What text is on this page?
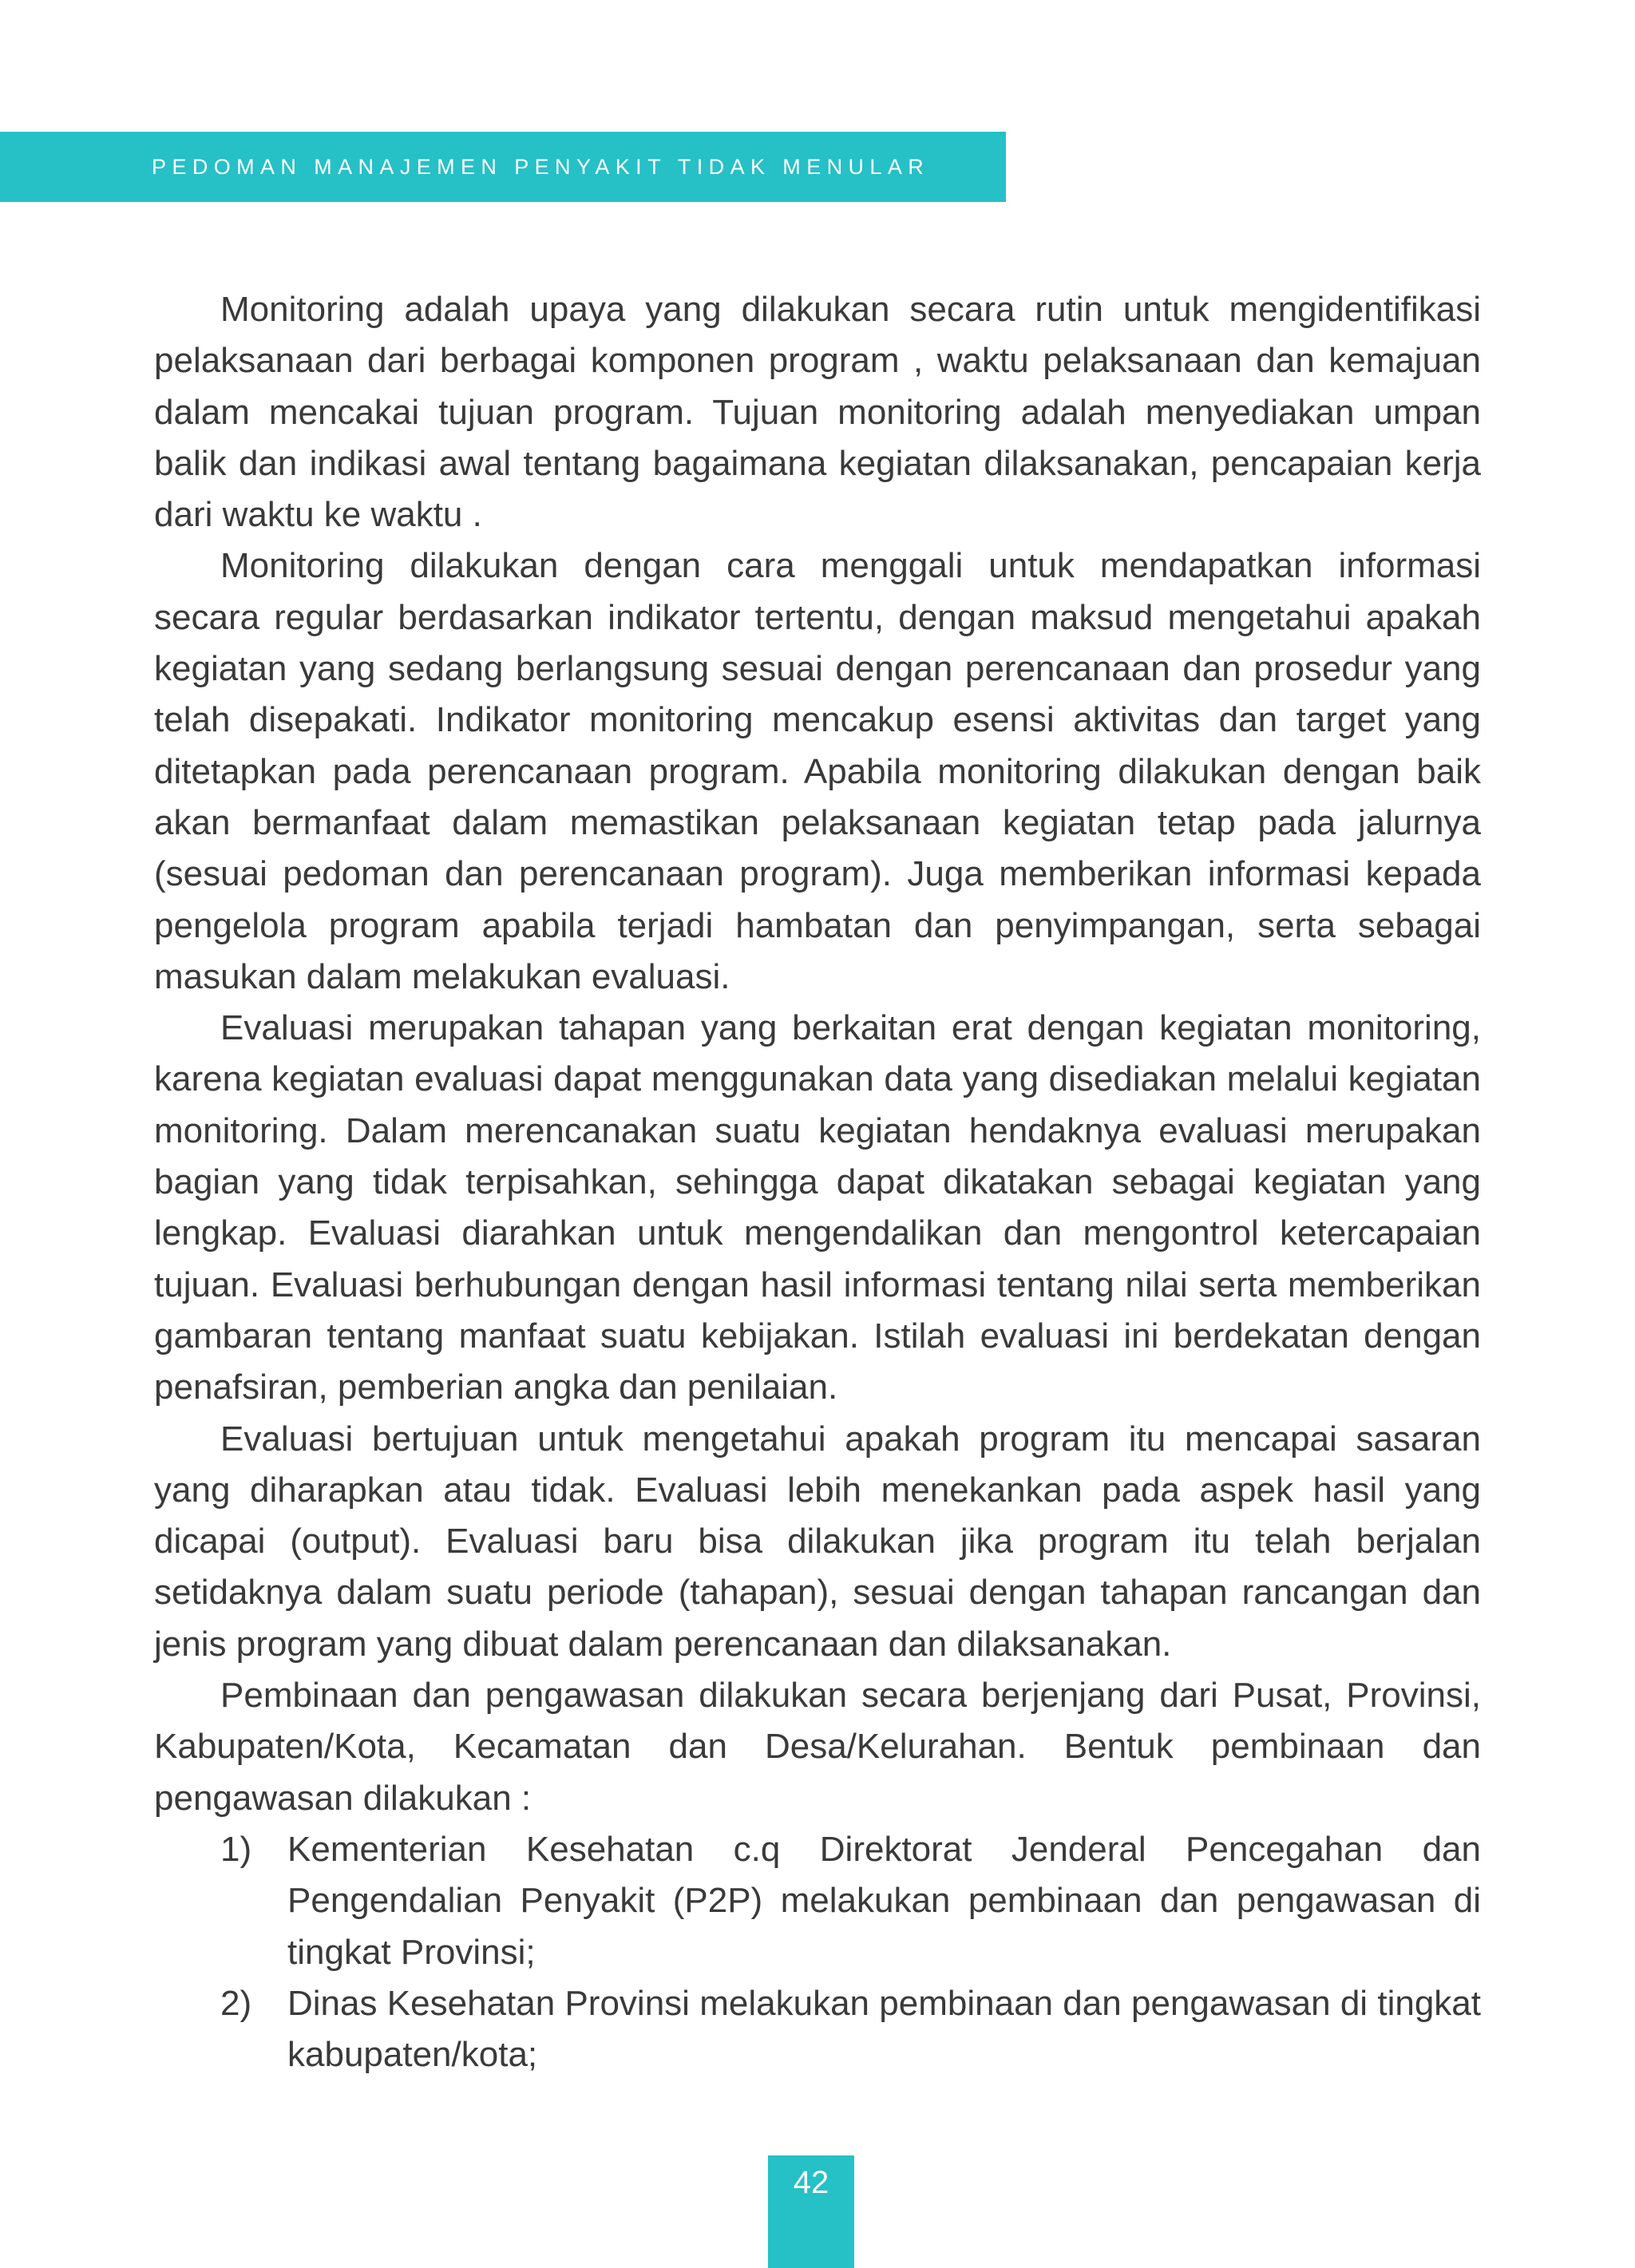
PEDOMAN MANAJEMEN PENYAKIT TIDAK MENULAR

Monitoring adalah upaya yang dilakukan secara rutin untuk mengidentifikasi pelaksanaan dari berbagai komponen program , waktu pelaksanaan dan kemajuan dalam mencakai tujuan program. Tujuan monitoring adalah menyediakan umpan balik dan indikasi awal tentang bagaimana kegiatan dilaksanakan, pencapaian kerja dari waktu ke waktu .

Monitoring dilakukan dengan cara menggali untuk mendapatkan informasi secara regular berdasarkan indikator tertentu, dengan maksud mengetahui apakah kegiatan yang sedang berlangsung sesuai dengan perencanaan dan prosedur yang telah disepakati. Indikator monitoring mencakup esensi aktivitas dan target yang ditetapkan pada perencanaan program. Apabila monitoring dilakukan dengan baik akan bermanfaat dalam memastikan pelaksanaan kegiatan tetap pada jalurnya (sesuai pedoman dan perencanaan program). Juga memberikan informasi kepada pengelola program apabila terjadi hambatan dan penyimpangan, serta sebagai masukan dalam melakukan evaluasi.

Evaluasi merupakan tahapan yang berkaitan erat dengan kegiatan monitoring, karena kegiatan evaluasi dapat menggunakan data yang disediakan melalui kegiatan monitoring. Dalam merencanakan suatu kegiatan hendaknya evaluasi merupakan bagian yang tidak terpisahkan, sehingga dapat dikatakan sebagai kegiatan yang lengkap. Evaluasi diarahkan untuk mengendalikan dan mengontrol ketercapaian tujuan. Evaluasi berhubungan dengan hasil informasi tentang nilai serta memberikan gambaran tentang manfaat suatu kebijakan. Istilah evaluasi ini berdekatan dengan penafsiran, pemberian angka dan penilaian.

Evaluasi bertujuan untuk mengetahui apakah program itu mencapai sasaran yang diharapkan atau tidak. Evaluasi lebih menekankan pada aspek hasil yang dicapai (output). Evaluasi baru bisa dilakukan jika program itu telah berjalan setidaknya dalam suatu periode (tahapan), sesuai dengan tahapan rancangan dan jenis program yang dibuat dalam perencanaan dan dilaksanakan.

Pembinaan dan pengawasan dilakukan secara berjenjang dari Pusat, Provinsi, Kabupaten/Kota, Kecamatan dan Desa/Kelurahan. Bentuk pembinaan dan pengawasan dilakukan :

1) Kementerian Kesehatan c.q Direktorat Jenderal Pencegahan dan Pengendalian Penyakit (P2P) melakukan pembinaan dan pengawasan di tingkat Provinsi;
2) Dinas Kesehatan Provinsi melakukan pembinaan dan pengawasan di tingkat kabupaten/kota;
42
